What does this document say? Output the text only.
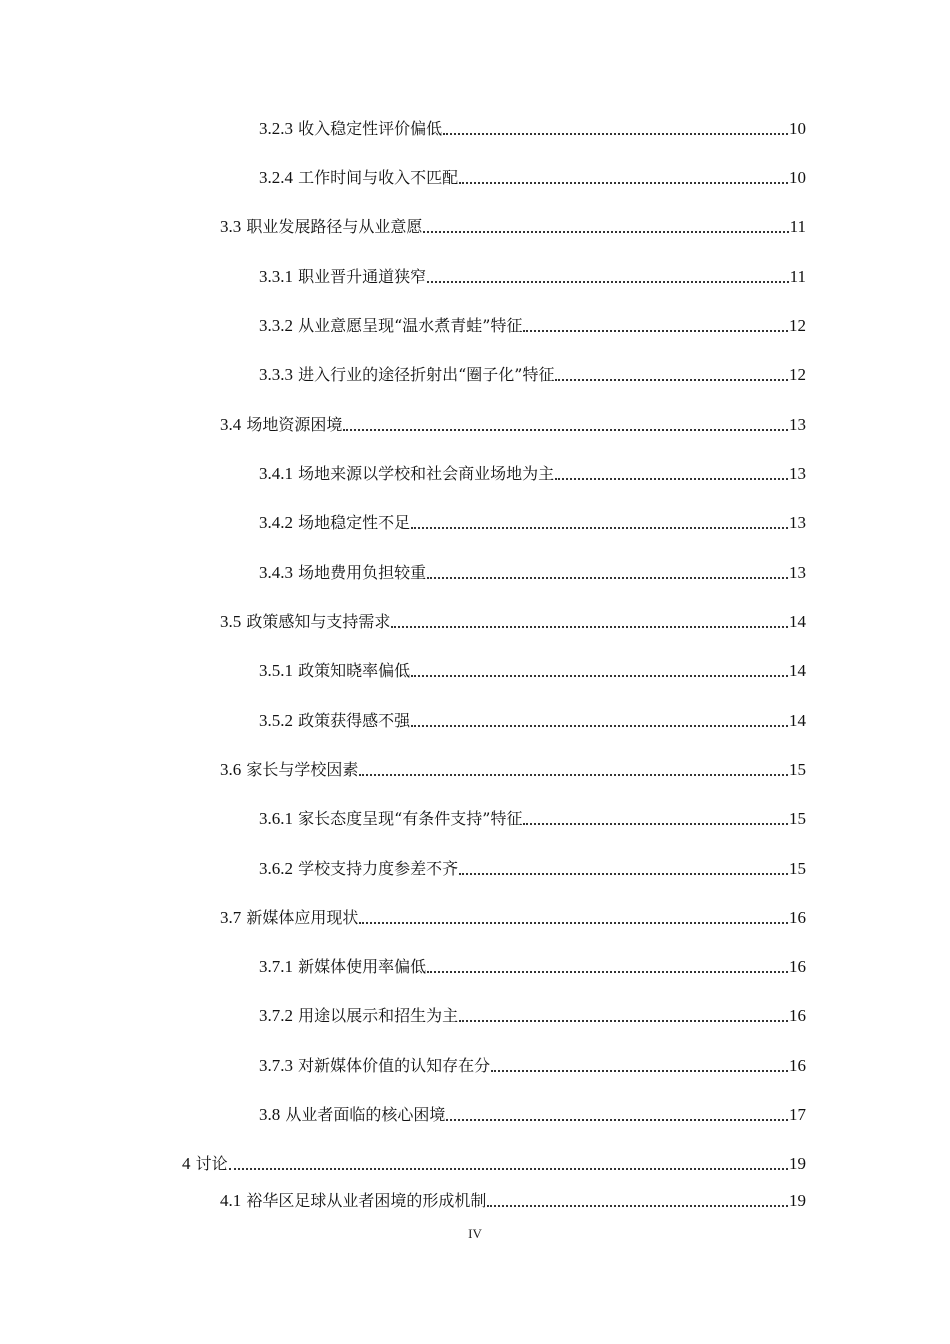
3.2.3 收入稳定性评价偏低	10
3.2.4 工作时间与收入不匹配	10
3.3 职业发展路径与从业意愿	11
3.3.1 职业晋升通道狭窄	11
3.3.2 从业意愿呈现“温水煮青蛙”特征	12
3.3.3 进入行业的途径折射出“圈子化”特征	12
3.4 场地资源困境	13
3.4.1 场地来源以学校和社会商业场地为主	13
3.4.2 场地稳定性不足	13
3.4.3 场地费用负担较重	13
3.5 政策感知与支持需求	14
3.5.1 政策知晓率偏低	14
3.5.2 政策获得感不强	14
3.6 家长与学校因素	15
3.6.1 家长态度呈现“有条件支持”特征	15
3.6.2 学校支持力度参差不齐	15
3.7 新媒体应用现状	16
3.7.1 新媒体使用率偏低	16
3.7.2 用途以展示和招生为主	16
3.7.3 对新媒体价值的认知存在分	16
3.8 从业者面临的核心困境	17
4 讨论	19
4.1 裕华区足球从业者困境的形成机制	19
IV
